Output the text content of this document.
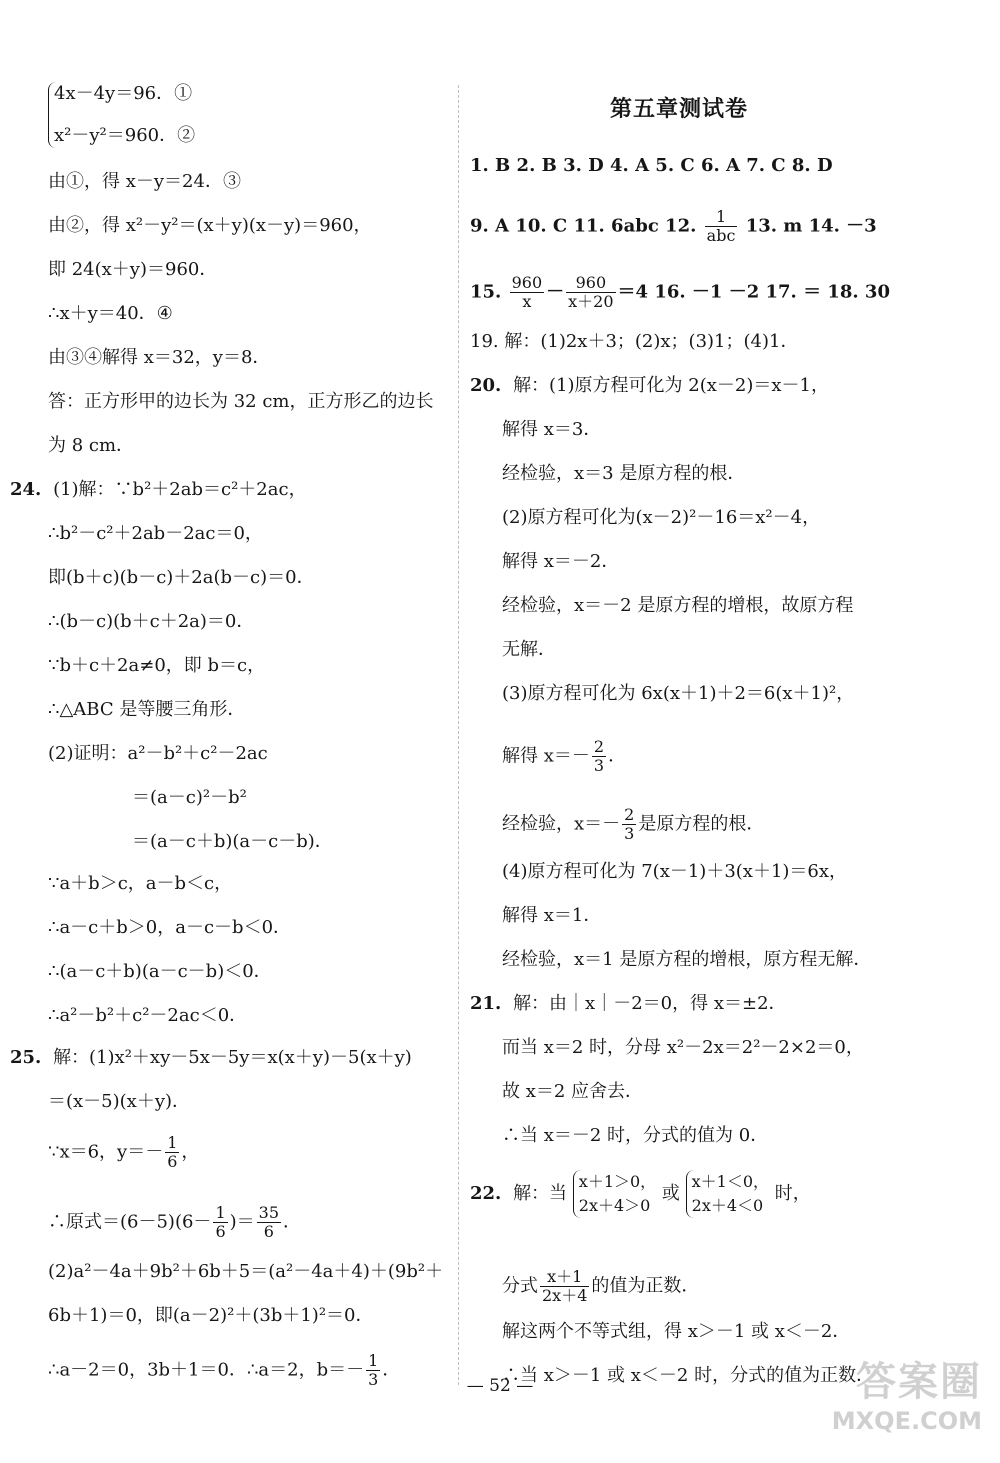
4x－4y＝96．①
x²－y²＝960．②
由①，得 x－y＝24．③
由②，得 x²－y²＝(x＋y)(x－y)＝960，
即 24(x＋y)＝960．
∴x＋y＝40．④
由③④解得 x＝32，y＝8．
答：正方形甲的边长为 32 cm，正方形乙的边长
为 8 cm．
24. (1)解：∵b²＋2ab＝c²＋2ac，
∴b²－c²＋2ab－2ac＝0，
即(b＋c)(b－c)＋2a(b－c)＝0．
∴(b－c)(b＋c＋2a)＝0．
∵b＋c＋2a≠0，即 b＝c，
∴△ABC 是等腰三角形．
(2)证明：a²－b²＋c²－2ac
＝(a－c)²－b²
＝(a－c＋b)(a－c－b)．
∵a＋b＞c，a－b＜c，
∴a－c＋b＞0，a－c－b＜0．
∴(a－c＋b)(a－c－b)＜0．
∴a²－b²＋c²－2ac＜0．
25. 解：(1)x²＋xy－5x－5y＝x(x＋y)－5(x＋y)
＝(x－5)(x＋y)．
∵x＝6，$y=- \frac{1}{6}$ ，
∴原式$=(6-5)(6- \frac{1}{6}$ )＝ $\frac{35}{6}$ ．
(2)a²－4a＋9b²＋6b＋5＝(a²－4a＋4)＋(9b²＋
6b＋1)＝0，即(a－2)²＋(3b＋1)²＝0．
∴a－2＝0，3b＋1＝0．∴a＝2，$b=- \frac{1}{3}$ ．
第五章测试卷
1. B 2. B 3. D 4. A 5. C 6. A 7. C 8. D
9. A 10. C 11. 6abc 12. $\frac{1}{\text{abc}} 13$. m 14. －3
15. $\frac{960}{x} - \frac{960}{x+20} =4$ 16. －1 －2 17. ＝ 18. 30
19. 解：(1)2x＋3；(2)x；(3)1；(4)1．
20. 解：(1)原方程可化为 2(x－2)＝x－1，
解得 x＝3．
经检验，x＝3 是原方程的根．
(2)原方程可化为(x－2)²－16＝x²－4，
解得 x＝－2．
经检验，x＝－2 是原方程的增根，故原方程
无解．
(3)原方程可化为 6x(x＋1)＋2＝6(x＋1)²，
解得 $x=- \frac{2}{3}$ ．
经检验，$x=- \frac{2}{3}$ 是原方程的根．
(4)原方程可化为 7(x－1)＋3(x＋1)＝6x，
解得 x＝1．
经检验，x＝1 是原方程的增根，原方程无解．
21. 解：由｜x｜－2＝0，得 x＝±2．
而当 x＝2 时，分母 x²－2x＝2²－2×2＝0，
故 x＝2 应舍去．
∴当 x＝－2 时，分式的值为 0．
22. 解：当
x＋1＞0，
2x＋4＞0
或
x＋1＜0，
2x＋4＜0
时，
分式 $\frac{x+1}{2x+4}$ 的值为正数．
解这两个不等式组，得 x＞－1 或 x＜－2．
∴当 x＞－1 或 x＜－2 时，分式的值为正数．
— 52 —	答案圈
MXQE.COM
